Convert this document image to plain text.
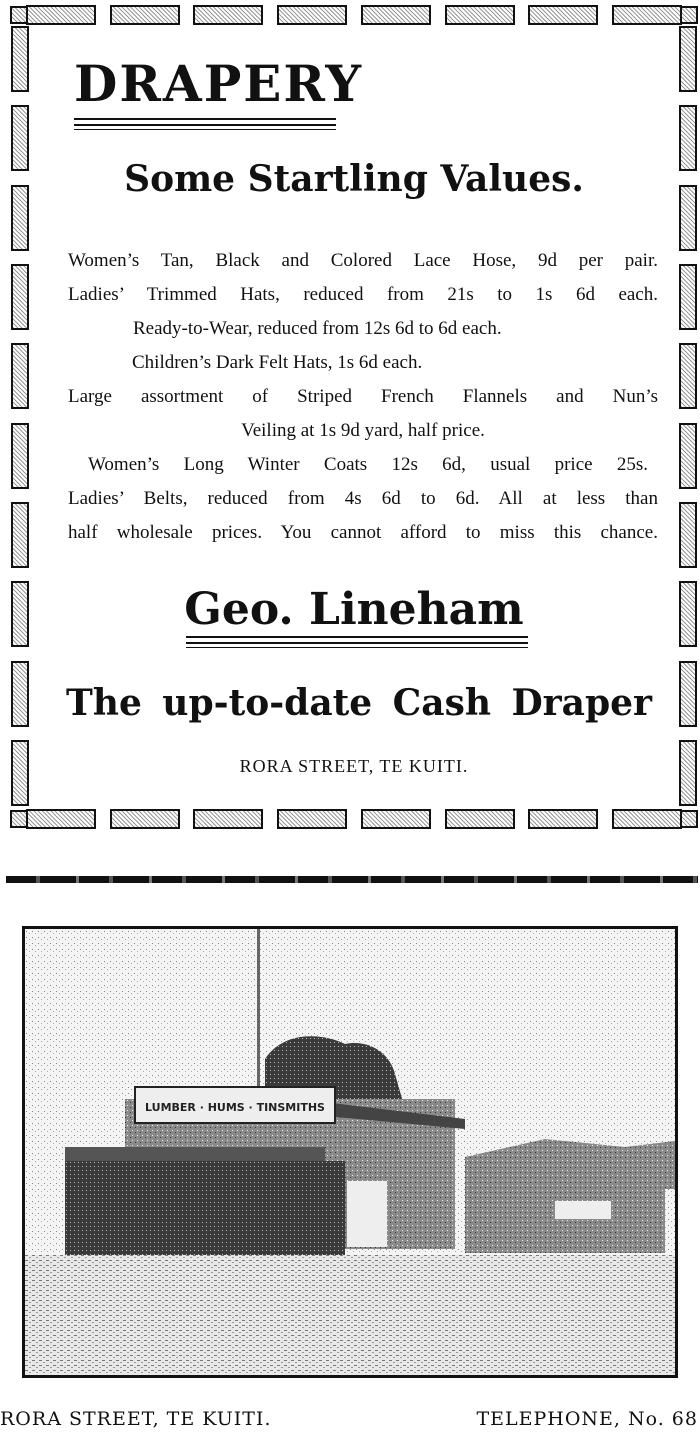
DRAPERY
Some Startling Values.
Women’s Tan, Black and Colored Lace Hose, 9d per pair.
Ladies’ Trimmed Hats, reduced from 21s to 1s 6d each.
Ready-to-Wear, reduced from 12s 6d to 6d each.
Children’s Dark Felt Hats, 1s 6d each.
Large assortment of Striped French Flannels and Nun’s
Veiling at 1s 9d yard, half price.
Women’s Long Winter Coats 12s 6d, usual price 25s.
Ladies’ Belts, reduced from 4s 6d to 6d. All at less than
half wholesale prices. You cannot afford to miss this chance.
Geo. Lineham
The up-to-date Cash Draper
RORA STREET, TE KUITI.
LUMBER · HUMS · TINSMITHS
RORA STREET, TE KUITI.	TELEPHONE, No. 68
